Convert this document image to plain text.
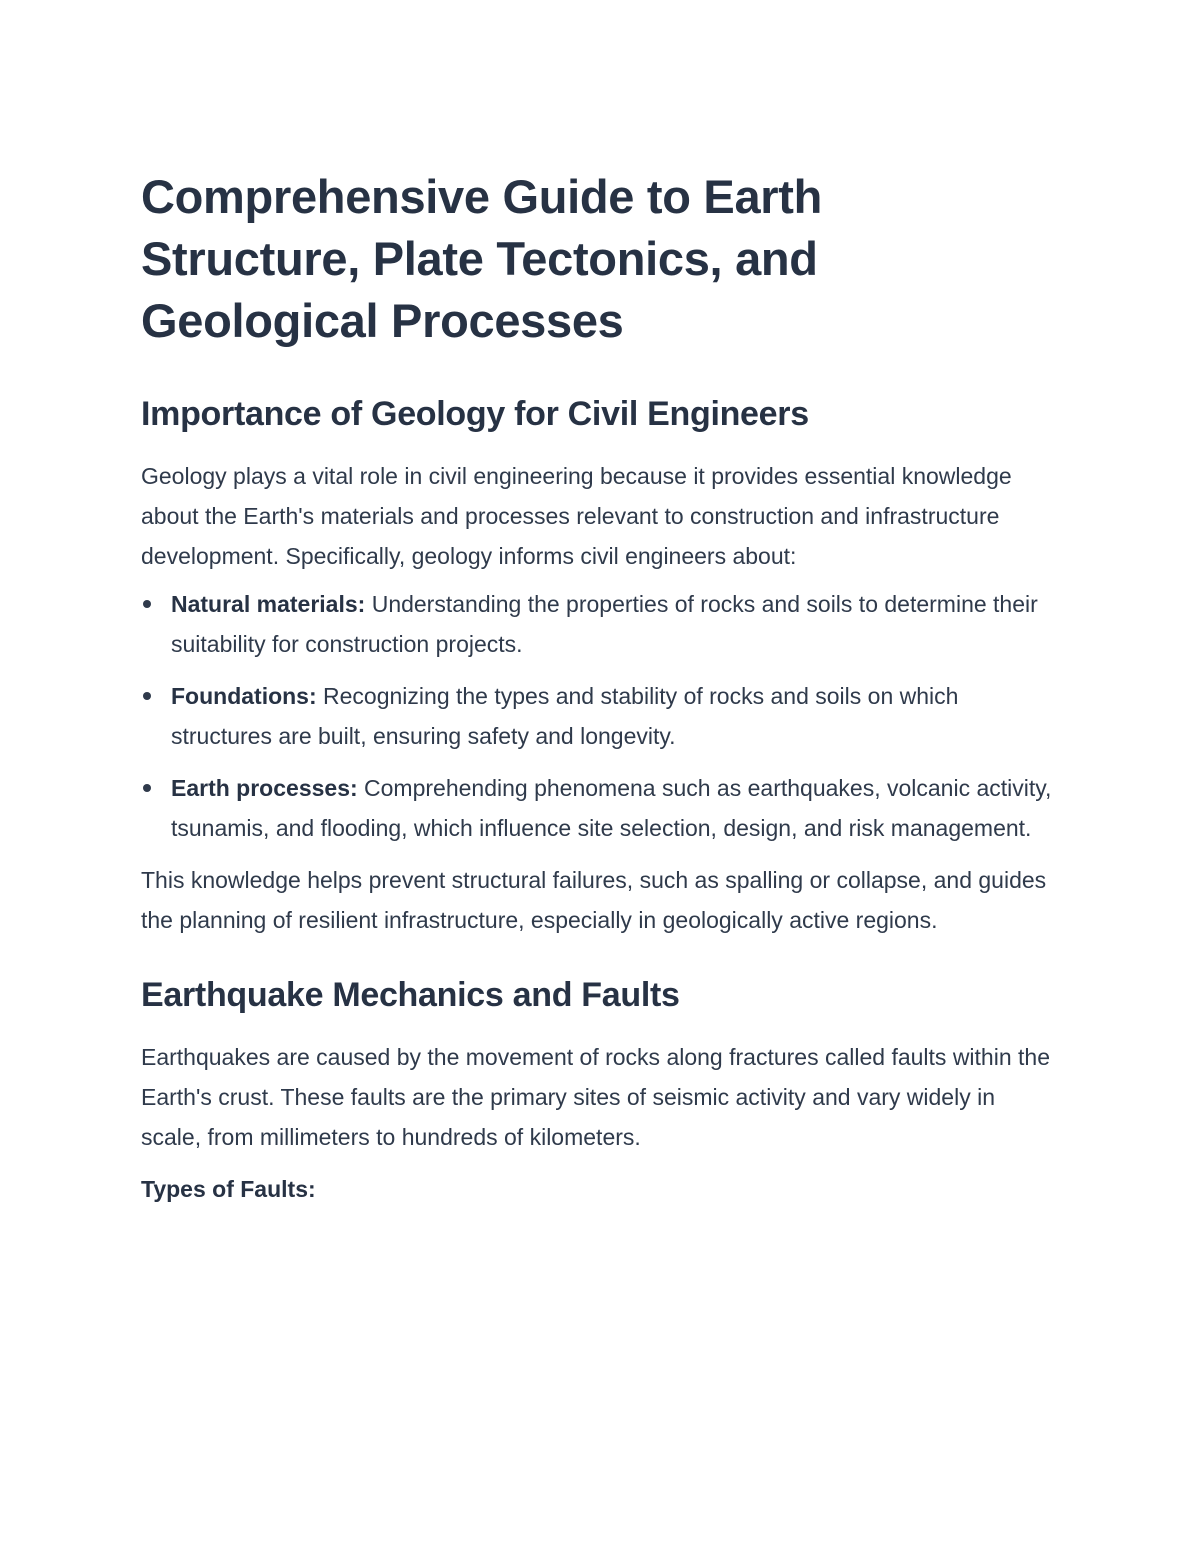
Comprehensive Guide to Earth Structure, Plate Tectonics, and Geological Processes
Importance of Geology for Civil Engineers

Geology plays a vital role in civil engineering because it provides essential knowledge about the Earth's materials and processes relevant to construction and infrastructure development. Specifically, geology informs civil engineers about:

Natural materials: Understanding the properties of rocks and soils to determine their suitability for construction projects.
Foundations: Recognizing the types and stability of rocks and soils on which structures are built, ensuring safety and longevity.
Earth processes: Comprehending phenomena such as earthquakes, volcanic activity, tsunamis, and flooding, which influence site selection, design, and risk management.

This knowledge helps prevent structural failures, such as spalling or collapse, and guides the planning of resilient infrastructure, especially in geologically active regions.

Earthquake Mechanics and Faults

Earthquakes are caused by the movement of rocks along fractures called faults within the Earth's crust. These faults are the primary sites of seismic activity and vary widely in scale, from millimeters to hundreds of kilometers.

Types of Faults:
